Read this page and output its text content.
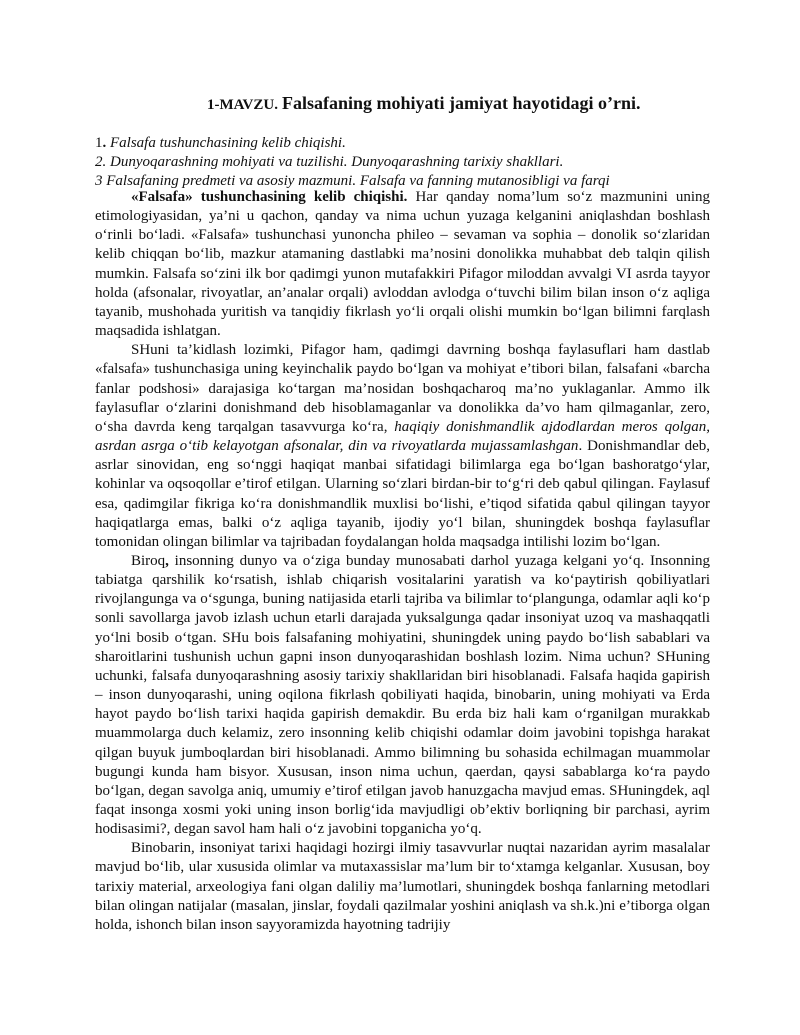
1-MAVZU. Falsafaning mohiyati jamiyat hayotidagi o’rni.
1. Falsafa tushunchasining kelib chiqishi.
2. Dunyoqarashning mohiyati va tuzilishi. Dunyoqarashning tarixiy shakllari.
3 Falsafaning predmeti va asosiy mazmuni. Falsafa va fanning mutanosibligi va farqi

«Falsafa» tushunchasining kelib chiqishi. Har qanday noma’lum so‘z mazmunini uning etimologiyasidan, ya’ni u qachon, qanday va nima uchun yuzaga kelganini aniqlashdan boshlash o‘rinli bo‘ladi. «Falsafa» tushunchasi yunoncha phileo – sevaman va sophia – donolik so‘zlaridan kelib chiqqan bo‘lib, mazkur atamaning dastlabki ma’nosini donolikka muhabbat deb talqin qilish mumkin. Falsafa so‘zini ilk bor qadimgi yunon mutafakkiri Pifagor miloddan avvalgi VI asrda tayyor holda (afsonalar, rivoyatlar, an’analar orqali) avloddan avlodga o‘tuvchi bilim bilan inson o‘z aqliga tayanib, mushohada yuritish va tanqidiy fikrlash yo‘li orqali olishi mumkin bo‘lgan bilimni farqlash maqsadida ishlatgan.

SHuni ta’kidlash lozimki, Pifagor ham, qadimgi davrning boshqa faylasuflari ham dastlab «falsafa» tushunchasiga uning keyinchalik paydo bo‘lgan va mohiyat e’tibori bilan, falsafani «barcha fanlar podshosi» darajasiga ko‘targan ma’nosidan boshqacharoq ma’no yuklaganlar. Ammo ilk faylasuflar o‘zlarini donishmand deb hisoblamaganlar va donolikka da’vo ham qilmaganlar, zero, o‘sha davrda keng tarqalgan tasavvurga ko‘ra, haqiqiy donishmandlik ajdodlardan meros qolgan, asrdan asrga o‘tib kelayotgan afsonalar, din va rivoyatlarda mujassamlashgan. Donishmandlar deb, asrlar sinovidan, eng so‘nggi haqiqat manbai sifatidagi bilimlarga ega bo‘lgan bashoratgo‘ylar, kohinlar va oqsoqollar e’tirof etilgan. Ularning so‘zlari birdan-bir to‘g‘ri deb qabul qilingan. Faylasuf esa, qadimgilar fikriga ko‘ra donishmandlik muxlisi bo‘lishi, e’tiqod sifatida qabul qilingan tayyor haqiqatlarga emas, balki o‘z aqliga tayanib, ijodiy yo‘l bilan, shuningdek boshqa faylasuflar tomonidan olingan bilimlar va tajribadan foydalangan holda maqsadga intilishi lozim bo‘lgan.

Biroq, insonning dunyo va o‘ziga bunday munosabati darhol yuzaga kelgani yo‘q. Insonning tabiatga qarshilik ko‘rsatish, ishlab chiqarish vositalarini yaratish va ko‘paytirish qobiliyatlari rivojlangunga va o‘sgunga, buning natijasida etarli tajriba va bilimlar to‘plangunga, odamlar aqli ko‘p sonli savollarga javob izlash uchun etarli darajada yuksalgunga qadar insoniyat uzoq va mashaqqatli yo‘lni bosib o‘tgan. SHu bois falsafaning mohiyatini, shuningdek uning paydo bo‘lish sabablari va sharoitlarini tushunish uchun gapni inson dunyoqarashidan boshlash lozim. Nima uchun? SHuning uchunki, falsafa dunyoqarashning asosiy tarixiy shakllaridan biri hisoblanadi. Falsafa haqida gapirish – inson dunyoqarashi, uning oqilona fikrlash qobiliyati haqida, binobarin, uning mohiyati va Erda hayot paydo bo‘lish tarixi haqida gapirish demakdir. Bu erda biz hali kam o‘rganilgan murakkab muammolarga duch kelamiz, zero insonning kelib chiqishi odamlar doim javobini topishga harakat qilgan buyuk jumboqlardan biri hisoblanadi. Ammo bilimning bu sohasida echilmagan muammolar bugungi kunda ham bisyor. Xususan, inson nima uchun, qaerdan, qaysi sabablarga ko‘ra paydo bo‘lgan, degan savolga aniq, umumiy e’tirof etilgan javob hanuzgacha mavjud emas. SHuningdek, aql faqat insonga xosmi yoki uning inson borlig‘ida mavjudligi ob’ektiv borliqning bir parchasi, ayrim hodisasimi?, degan savol ham hali o‘z javobini topganicha yo‘q.

Binobarin, insoniyat tarixi haqidagi hozirgi ilmiy tasavvurlar nuqtai nazaridan ayrim masalalar mavjud bo‘lib, ular xususida olimlar va mutaxassislar ma’lum bir to‘xtamga kelganlar. Xususan, boy tarixiy material, arxeologiya fani olgan daliliy ma’lumotlari, shuningdek boshqa fanlarning metodlari bilan olingan natijalar (masalan, jinslar, foydali qazilmalar yoshini aniqlash va sh.k.)ni e’tiborga olgan holda, ishonch bilan inson sayyoramizda hayotning tadrijiy
